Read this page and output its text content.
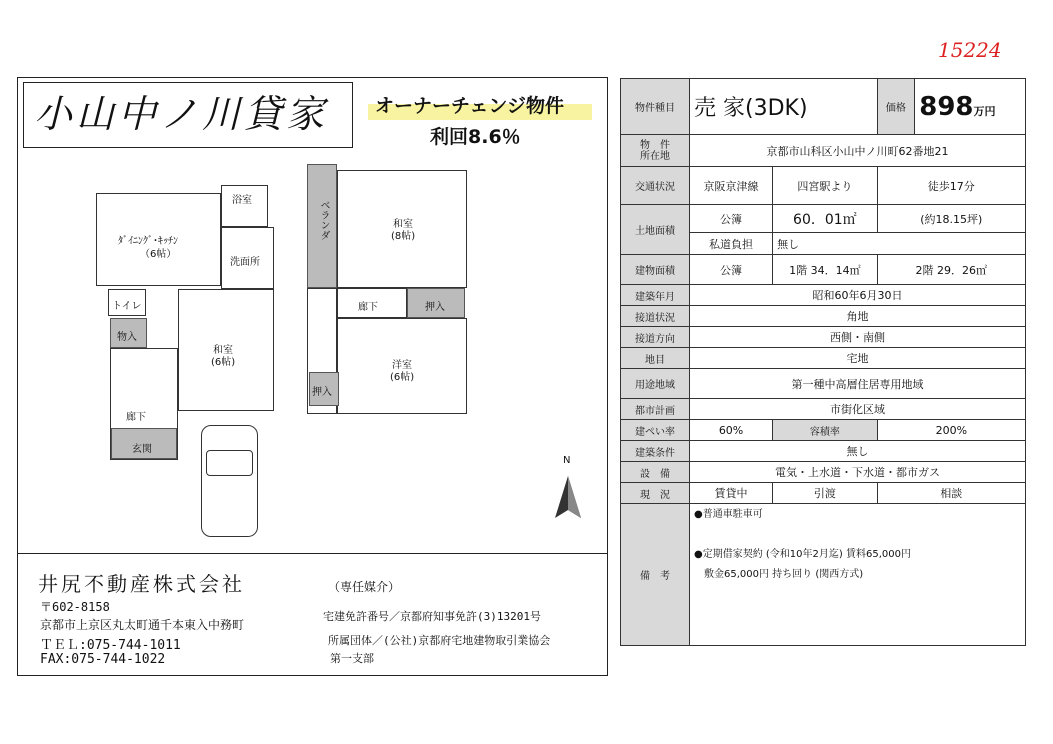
15224
小山中ノ川貸家	オーナーチェンジ物件
利回8.6％
ﾀﾞｲﾆﾝｸﾞ･ｷｯﾁﾝ
（6帖）
浴室
洗面所
トイレ
物入
和室
(6帖)
廊下
玄関
ベランダ	和室
(8帖)
廊下	押入
洋室
(6帖)
押入
N
井尻不動産株式会社	（専任媒介）
〒602-8158
宅建免許番号／京都府知事免許(3)13201号
京都市上京区丸太町通千本東入中務町
ＴＥＬ:075-744-1011	所属団体／(公社)京都府宅地建物取引業協会
FAX:075-744-1022	第一支部
物件種目	売 家(3DK)		価格	898万円
物　件
所在地	京都市山科区小山中ノ川町62番地21			
交通状況	京阪京津線	四宮駅より	徒歩17分	
土地面積	公簿	60．01㎡	(約18.15坪)	
	私道負担	無し		
建物面積	公簿	1階 34．14㎡	2階 29．26㎡	
建築年月	昭和60年6月30日			
接道状況	角地			
接道方向	西側・南側			
地目	宅地			
用途地域	第一種中高層住居専用地域			
都市計画	市街化区域			
建ぺい率	60%	容積率	200%	
建築条件	無し			
設　備	電気・上水道・下水道・都市ガス			
現　況	賃貸中	引渡	相談	
備　考	●普通車駐車可
●定期借家契約 (令和10年2月迄) 賃料65,000円
敷金65,000円 持ち回り (関西方式)			
